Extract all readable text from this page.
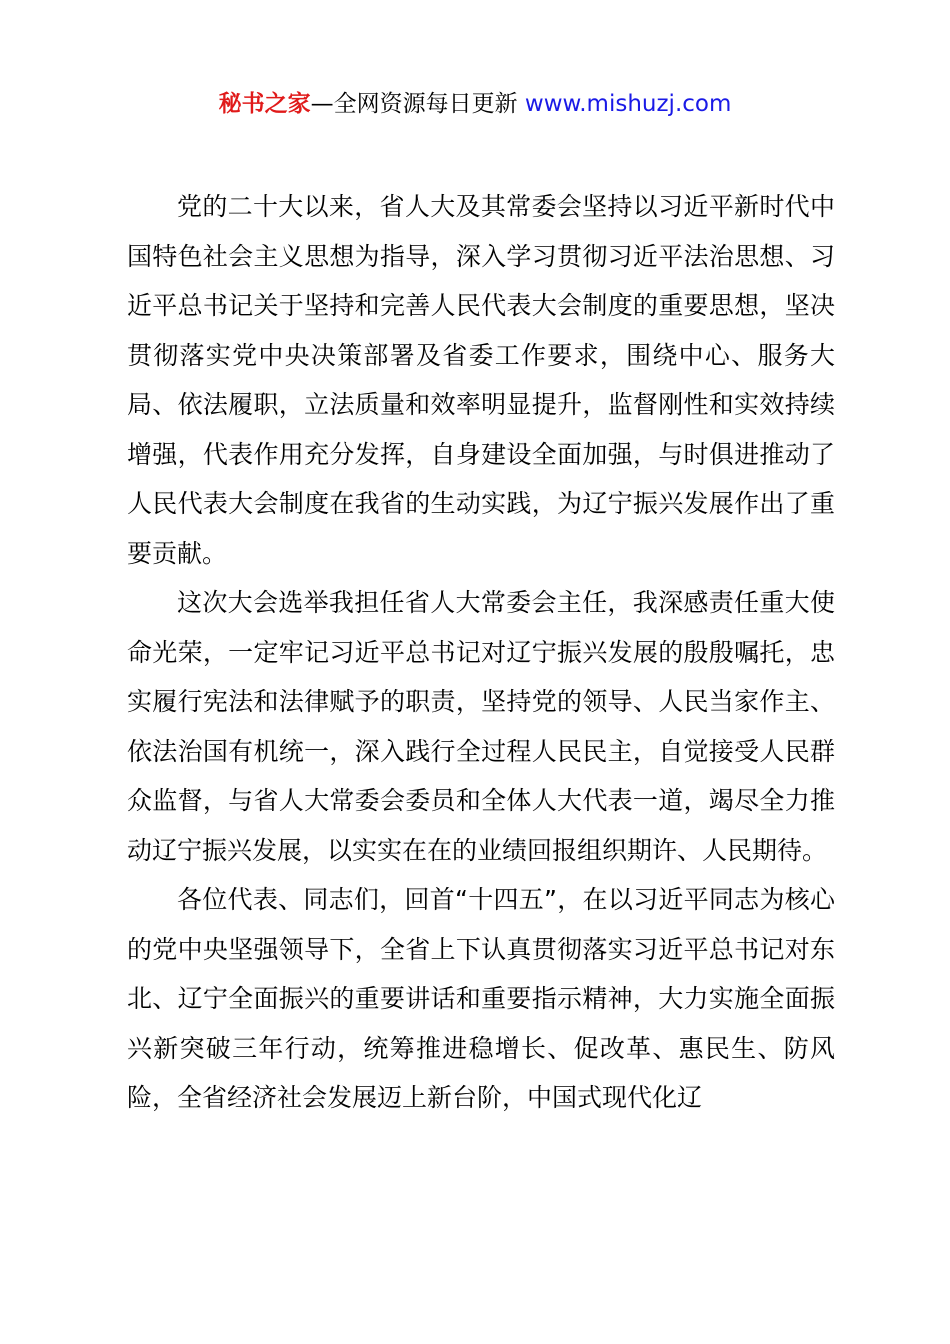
秘书之家—全网资源每日更新 www.mishuzj.com

党的二十大以来，省人大及其常委会坚持以习近平新时代中国特色社会主义思想为指导，深入学习贯彻习近平法治思想、习近平总书记关于坚持和完善人民代表大会制度的重要思想，坚决贯彻落实党中央决策部署及省委工作要求，围绕中心、服务大局、依法履职，立法质量和效率明显提升，监督刚性和实效持续增强，代表作用充分发挥，自身建设全面加强，与时俱进推动了人民代表大会制度在我省的生动实践，为辽宁振兴发展作出了重要贡献。

这次大会选举我担任省人大常委会主任，我深感责任重大使命光荣，一定牢记习近平总书记对辽宁振兴发展的殷殷嘱托，忠实履行宪法和法律赋予的职责，坚持党的领导、人民当家作主、依法治国有机统一，深入践行全过程人民民主，自觉接受人民群众监督，与省人大常委会委员和全体人大代表一道，竭尽全力推动辽宁振兴发展，以实实在在的业绩回报组织期许、人民期待。

各位代表、同志们，回首“十四五”，在以习近平同志为核心的党中央坚强领导下，全省上下认真贯彻落实习近平总书记对东北、辽宁全面振兴的重要讲话和重要指示精神，大力实施全面振兴新突破三年行动，统筹推进稳增长、促改革、惠民生、防风险，全省经济社会发展迈上新台阶，中国式现代化辽
